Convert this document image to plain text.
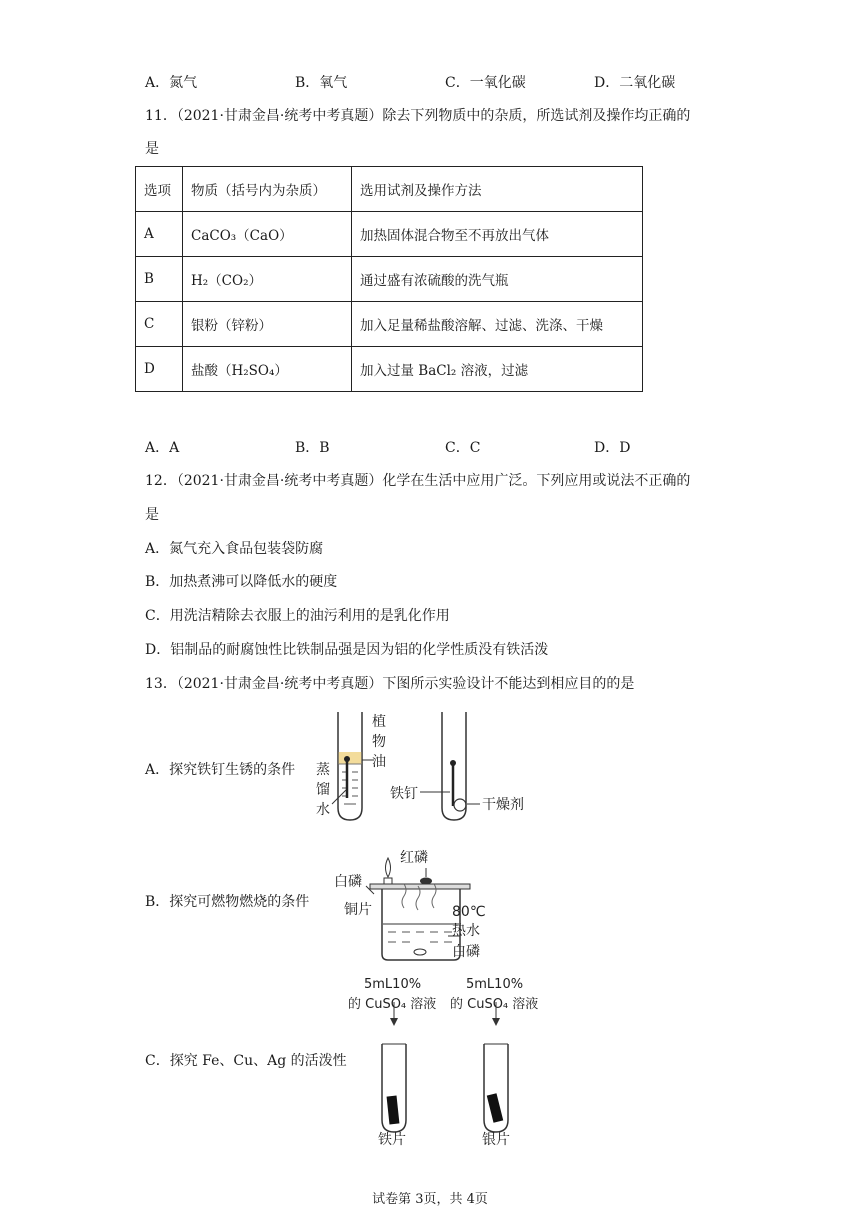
A．氮气	B．氧气	C．一氧化碳	D．二氧化碳
11．（2021·甘肃金昌·统考中考真题）除去下列物质中的杂质，所选试剂及操作均正确的
是
选项	物质（括号内为杂质）	选用试剂及操作方法
A	CaCO₃（CaO）	加热固体混合物至不再放出气体
B	H₂（CO₂）	通过盛有浓硫酸的洗气瓶
C	银粉（锌粉）	加入足量稀盐酸溶解、过滤、洗涤、干燥
D	盐酸（H₂SO₄）	加入过量 BaCl₂ 溶液，过滤
A．A	B．B	C．C	D．D
12．（2021·甘肃金昌·统考中考真题）化学在生活中应用广泛。下列应用或说法不正确的
是
A．氮气充入食品包装袋防腐
B．加热煮沸可以降低水的硬度
C．用洗洁精除去衣服上的油污利用的是乳化作用
D．铝制品的耐腐蚀性比铁制品强是因为铝的化学性质没有铁活泼
13．（2021·甘肃金昌·统考中考真题）下图所示实验设计不能达到相应目的的是
A．探究铁钉生锈的条件
B．探究可燃物燃烧的条件
C．探究 Fe、Cu、Ag 的活泼性
蒸
馏
水
植
物
油
铁钉
干燥剂
红磷
白磷
铜片	80℃
热水
白磷
5mL10%
的 CuSO₄ 溶液
5mL10%
的 CuSO₄ 溶液
铁片	银片
试卷第 3页，共 4页
